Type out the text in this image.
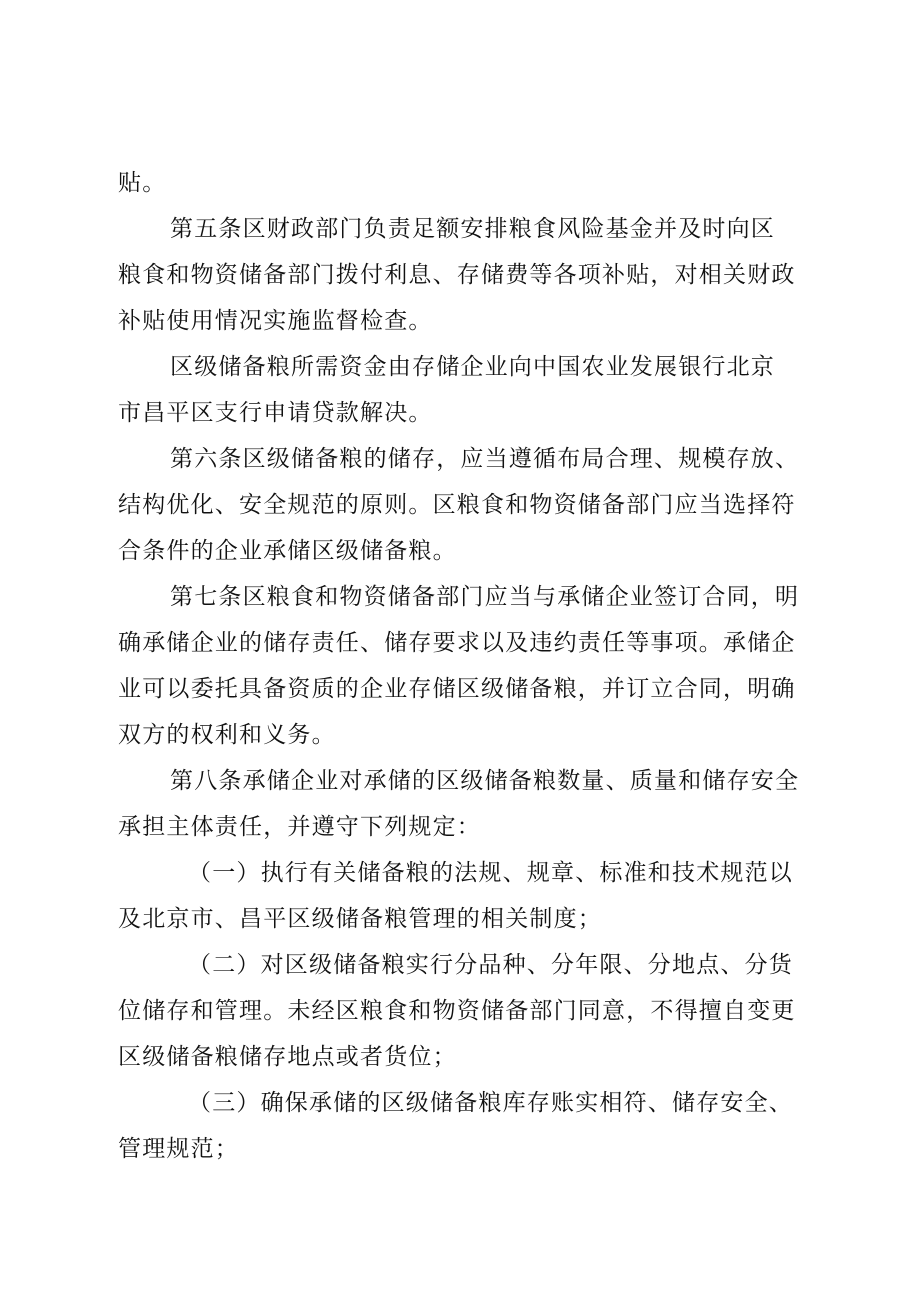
贴。
第五条区财政部门负责足额安排粮食风险基金并及时向区
粮食和物资储备部门拨付利息、存储费等各项补贴，对相关财政
补贴使用情况实施监督检查。
区级储备粮所需资金由存储企业向中国农业发展银行北京
市昌平区支行申请贷款解决。
第六条区级储备粮的储存，应当遵循布局合理、规模存放、
结构优化、安全规范的原则。区粮食和物资储备部门应当选择符
合条件的企业承储区级储备粮。
第七条区粮食和物资储备部门应当与承储企业签订合同，明
确承储企业的储存责任、储存要求以及违约责任等事项。承储企
业可以委托具备资质的企业存储区级储备粮，并订立合同，明确
双方的权利和义务。
第八条承储企业对承储的区级储备粮数量、质量和储存安全
承担主体责任，并遵守下列规定：
（一）执行有关储备粮的法规、规章、标准和技术规范以
及北京市、昌平区级储备粮管理的相关制度；
（二）对区级储备粮实行分品种、分年限、分地点、分货
位储存和管理。未经区粮食和物资储备部门同意，不得擅自变更
区级储备粮储存地点或者货位；
（三）确保承储的区级储备粮库存账实相符、储存安全、
管理规范；
